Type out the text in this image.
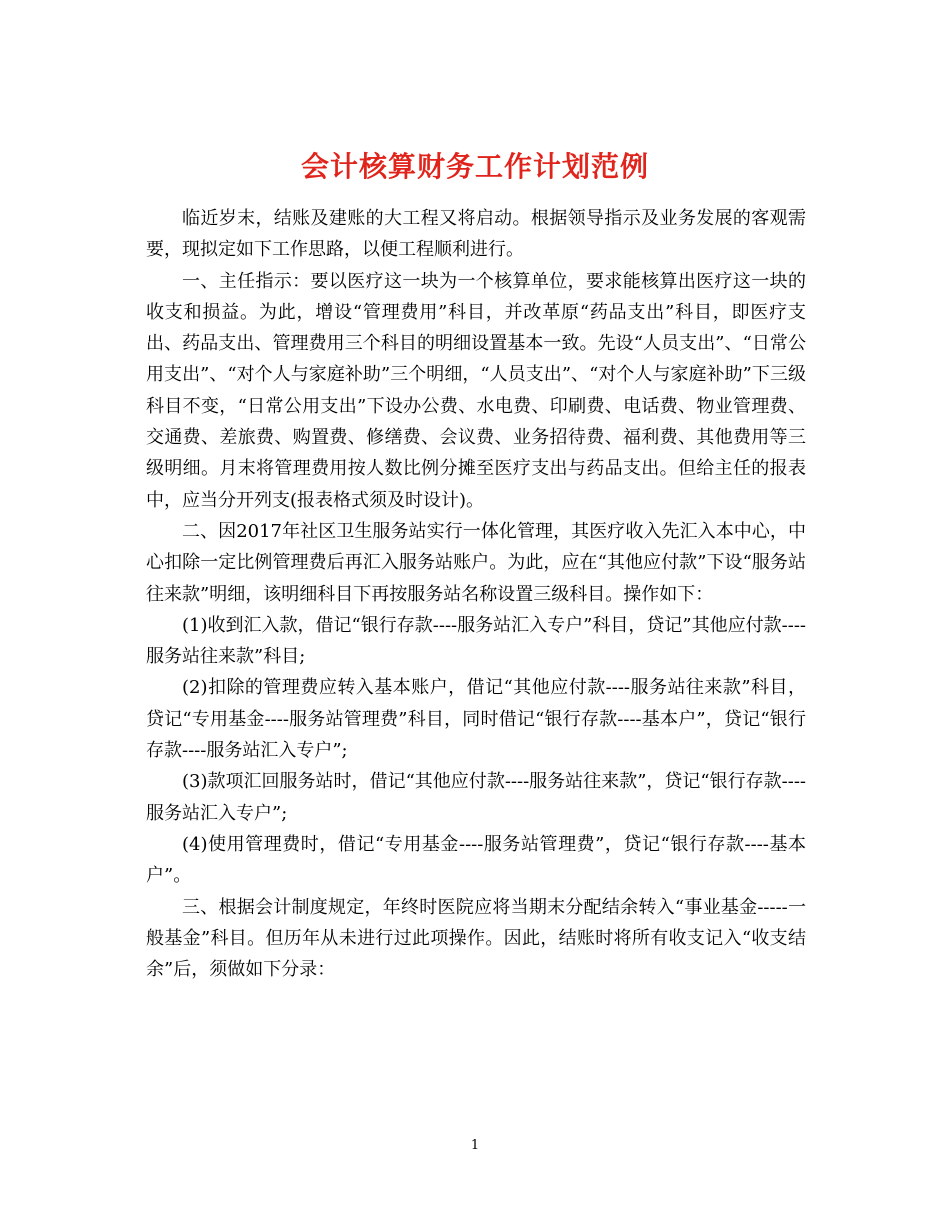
会计核算财务工作计划范例

临近岁末，结账及建账的大工程又将启动。根据领导指示及业务发展的客观需要，现拟定如下工作思路，以便工程顺利进行。

一、主任指示：要以医疗这一块为一个核算单位，要求能核算出医疗这一块的收支和损益。为此，增设“管理费用”科目，并改革原“药品支出”科目，即医疗支出、药品支出、管理费用三个科目的明细设置基本一致。先设“人员支出”、“日常公用支出”、“对个人与家庭补助”三个明细，“人员支出”、“对个人与家庭补助”下三级科目不变，“日常公用支出”下设办公费、水电费、印刷费、电话费、物业管理费、交通费、差旅费、购置费、修缮费、会议费、业务招待费、福利费、其他费用等三级明细。月末将管理费用按人数比例分摊至医疗支出与药品支出。但给主任的报表中，应当分开列支(报表格式须及时设计)。

二、因2017年社区卫生服务站实行一体化管理，其医疗收入先汇入本中心，中心扣除一定比例管理费后再汇入服务站账户。为此，应在“其他应付款”下设“服务站往来款”明细，该明细科目下再按服务站名称设置三级科目。操作如下：

(1)收到汇入款，借记“银行存款----服务站汇入专户”科目，贷记”其他应付款----服务站往来款”科目;

(2)扣除的管理费应转入基本账户，借记“其他应付款----服务站往来款”科目，贷记“专用基金----服务站管理费”科目，同时借记“银行存款----基本户”，贷记“银行存款----服务站汇入专户”;

(3)款项汇回服务站时，借记“其他应付款----服务站往来款”，贷记“银行存款----服务站汇入专户”;

(4)使用管理费时，借记“专用基金----服务站管理费”，贷记“银行存款----基本户”。

三、根据会计制度规定，年终时医院应将当期末分配结余转入“事业基金-----一般基金”科目。但历年从未进行过此项操作。因此，结账时将所有收支记入“收支结余”后，须做如下分录：

1
